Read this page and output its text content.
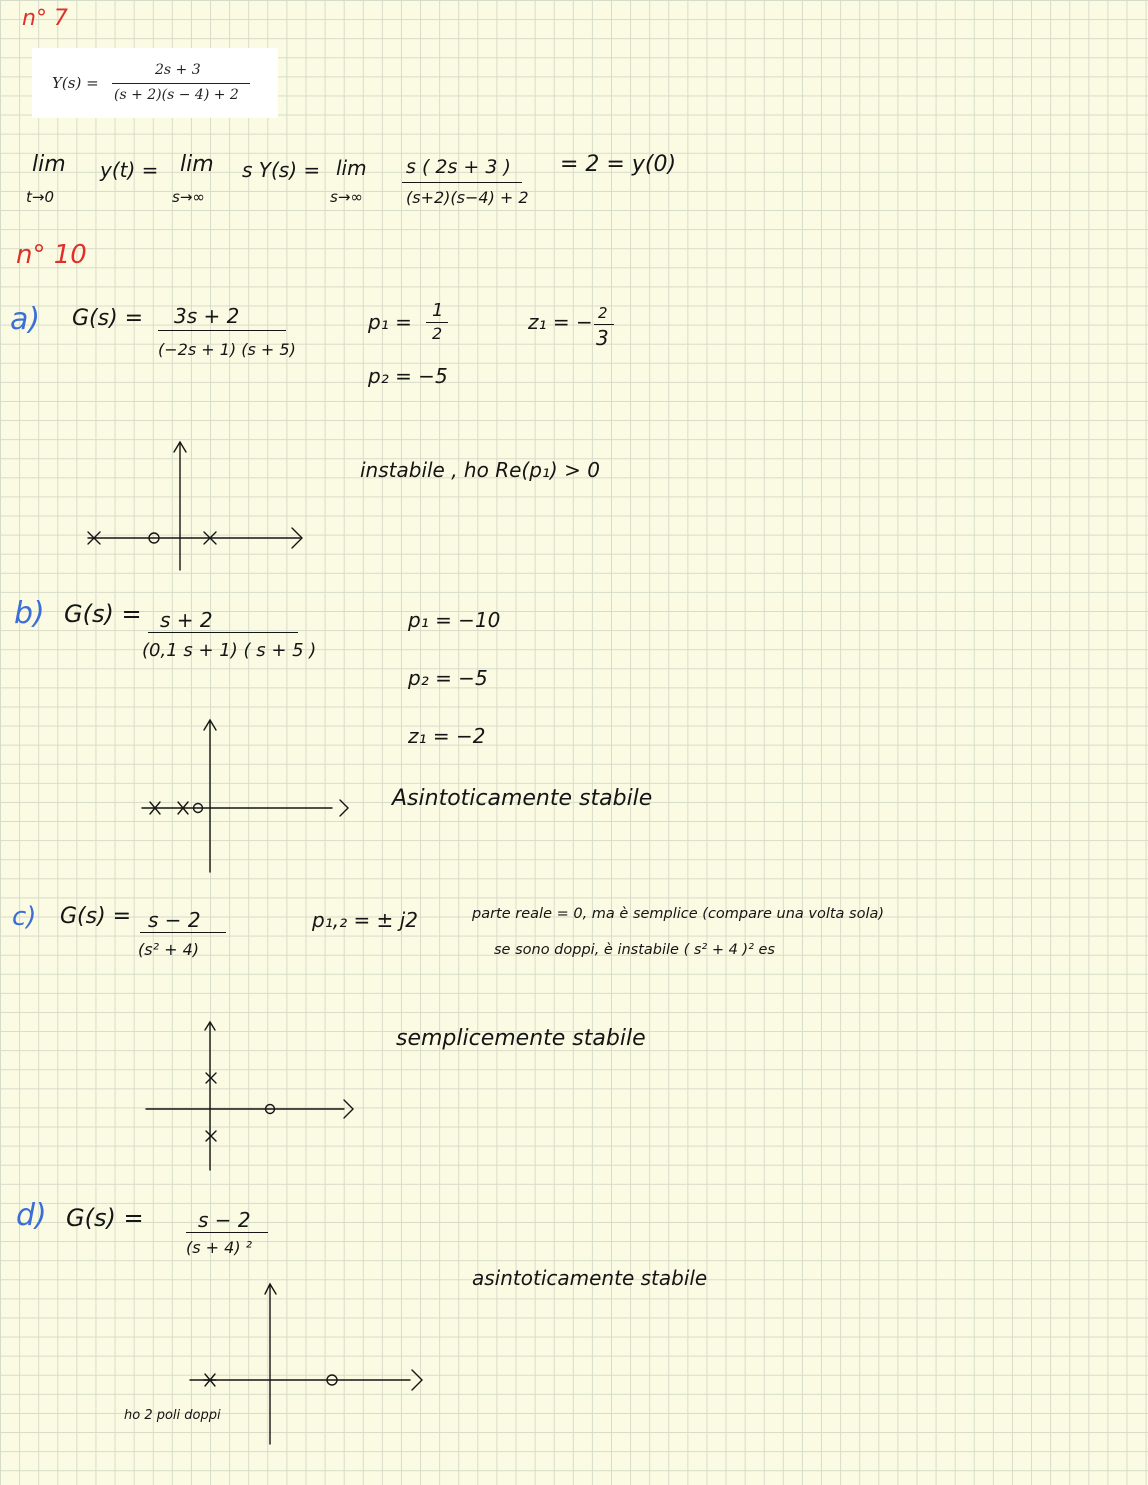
n° 7
Y(s) =
2s + 3
(s + 2)(s − 4) + 2
lim
t→0
y(t) = lim
s→∞
s Y(s) = lim
s→∞
s ( 2s + 3 )
(s+2)(s−4) + 2
= 2 = y(0)
n° 10
a) G(s) = 3s + 2
(−2s + 1) (s + 5)
p₁ = 1
2
p₂ = −5
z₁ = − 2
3
instabile , ho Re(p₁) > 0
b) G(s) = s + 2
(0,1 s + 1) ( s + 5 )
p₁ = −10
p₂ = −5
z₁ = −2
Asintoticamente stabile
c) G(s) = s − 2
(s² + 4)
p₁,₂ = ± j2	parte reale = 0, ma è semplice (compare una volta sola)
se sono doppi, è instabile ( s² + 4 )² es
semplicemente stabile
d) G(s) =	s − 2
(s + 4) ²
asintoticamente stabile
ho 2 poli doppi
